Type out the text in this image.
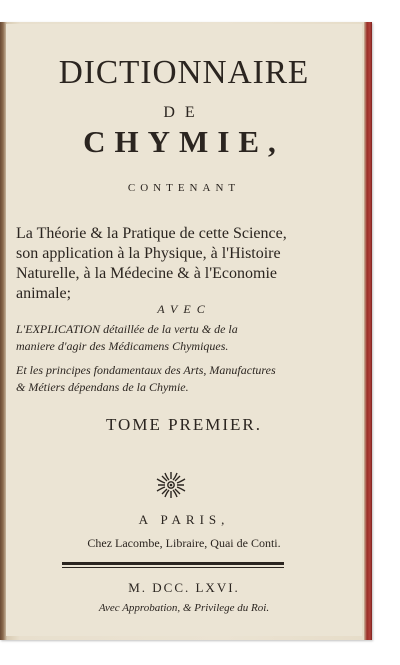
DICTIONNAIRE
DE
CHYMIE,
CONTENANT
La Théorie & la Pratique de cette Science,
son application à la Physique, à l'Histoire
Naturelle, à la Médecine & à l'Economie
animale;
AVEC
L'EXPLICATION détaillée de la vertu & de la
maniere d'agir des Médicamens Chymiques.
Et les principes fondamentaux des Arts, Manufactures
& Métiers dépendans de la Chymie.
TOME PREMIER.
A PARIS,
Chez Lacombe, Libraire, Quai de Conti.
M. DCC. LXVI.
Avec Approbation, & Privilege du Roi.
